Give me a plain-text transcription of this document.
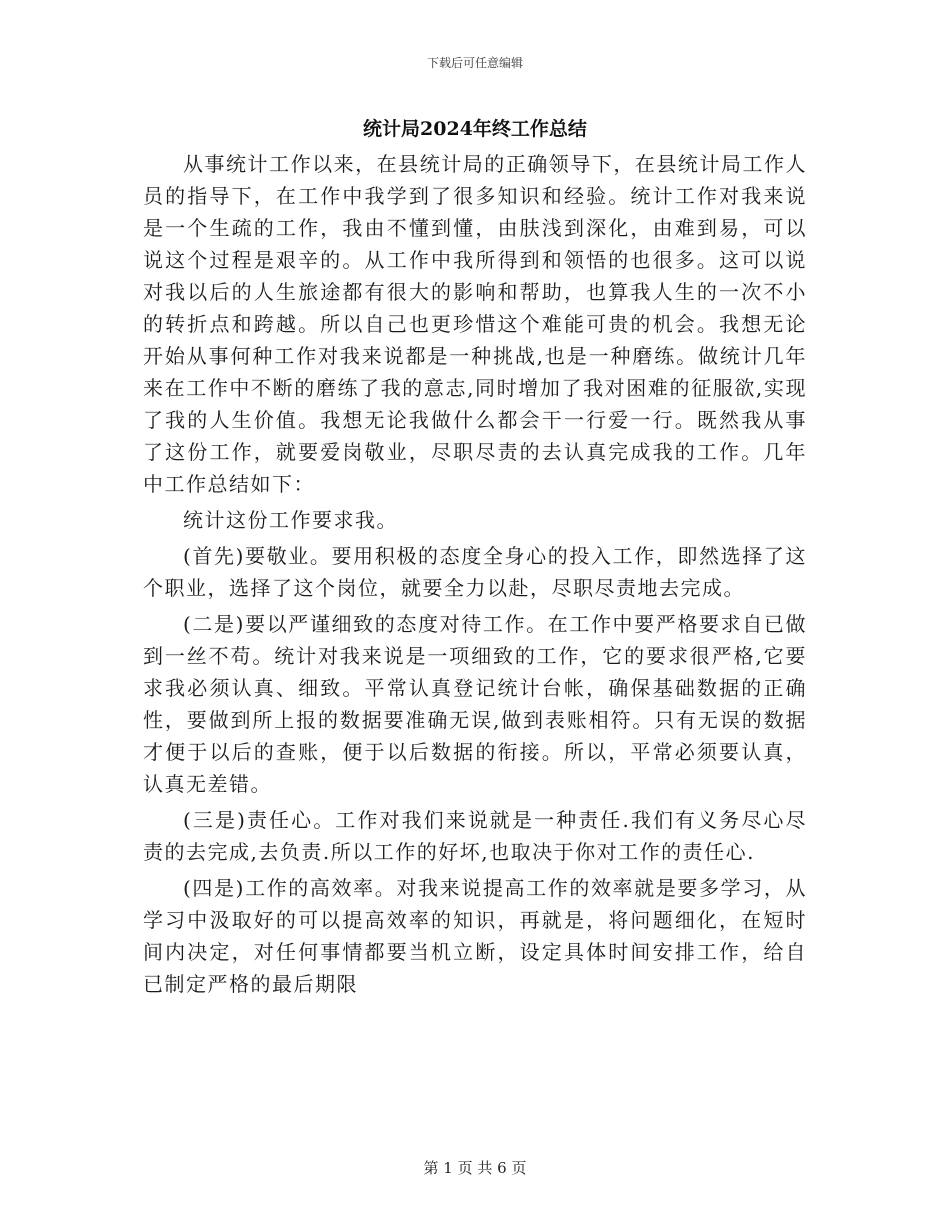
下载后可任意编辑
统计局2024年终工作总结

从事统计工作以来，在县统计局的正确领导下，在县统计局工作人员的指导下，在工作中我学到了很多知识和经验。统计工作对我来说是一个生疏的工作，我由不懂到懂，由肤浅到深化，由难到易，可以说这个过程是艰辛的。从工作中我所得到和领悟的也很多。这可以说对我以后的人生旅途都有很大的影响和帮助，也算我人生的一次不小的转折点和跨越。所以自己也更珍惜这个难能可贵的机会。我想无论开始从事何种工作对我来说都是一种挑战,也是一种磨练。做统计几年来在工作中不断的磨练了我的意志,同时增加了我对困难的征服欲,实现了我的人生价值。我想无论我做什么都会干一行爱一行。既然我从事了这份工作，就要爱岗敬业，尽职尽责的去认真完成我的工作。几年中工作总结如下：

统计这份工作要求我。

(首先)要敬业。要用积极的态度全身心的投入工作，即然选择了这个职业，选择了这个岗位，就要全力以赴，尽职尽责地去完成。

(二是)要以严谨细致的态度对待工作。在工作中要严格要求自已做到一丝不苟。统计对我来说是一项细致的工作，它的要求很严格,它要求我必须认真、细致。平常认真登记统计台帐，确保基础数据的正确性，要做到所上报的数据要准确无误,做到表账相符。只有无误的数据才便于以后的查账，便于以后数据的衔接。所以，平常必须要认真，认真无差错。

(三是)责任心。工作对我们来说就是一种责任.我们有义务尽心尽责的去完成,去负责.所以工作的好坏,也取决于你对工作的责任心.

(四是)工作的高效率。对我来说提高工作的效率就是要多学习，从学习中汲取好的可以提高效率的知识，再就是，将问题细化，在短时间内决定，对任何事情都要当机立断，设定具体时间安排工作，给自已制定严格的最后期限

第 1 页 共 6 页
